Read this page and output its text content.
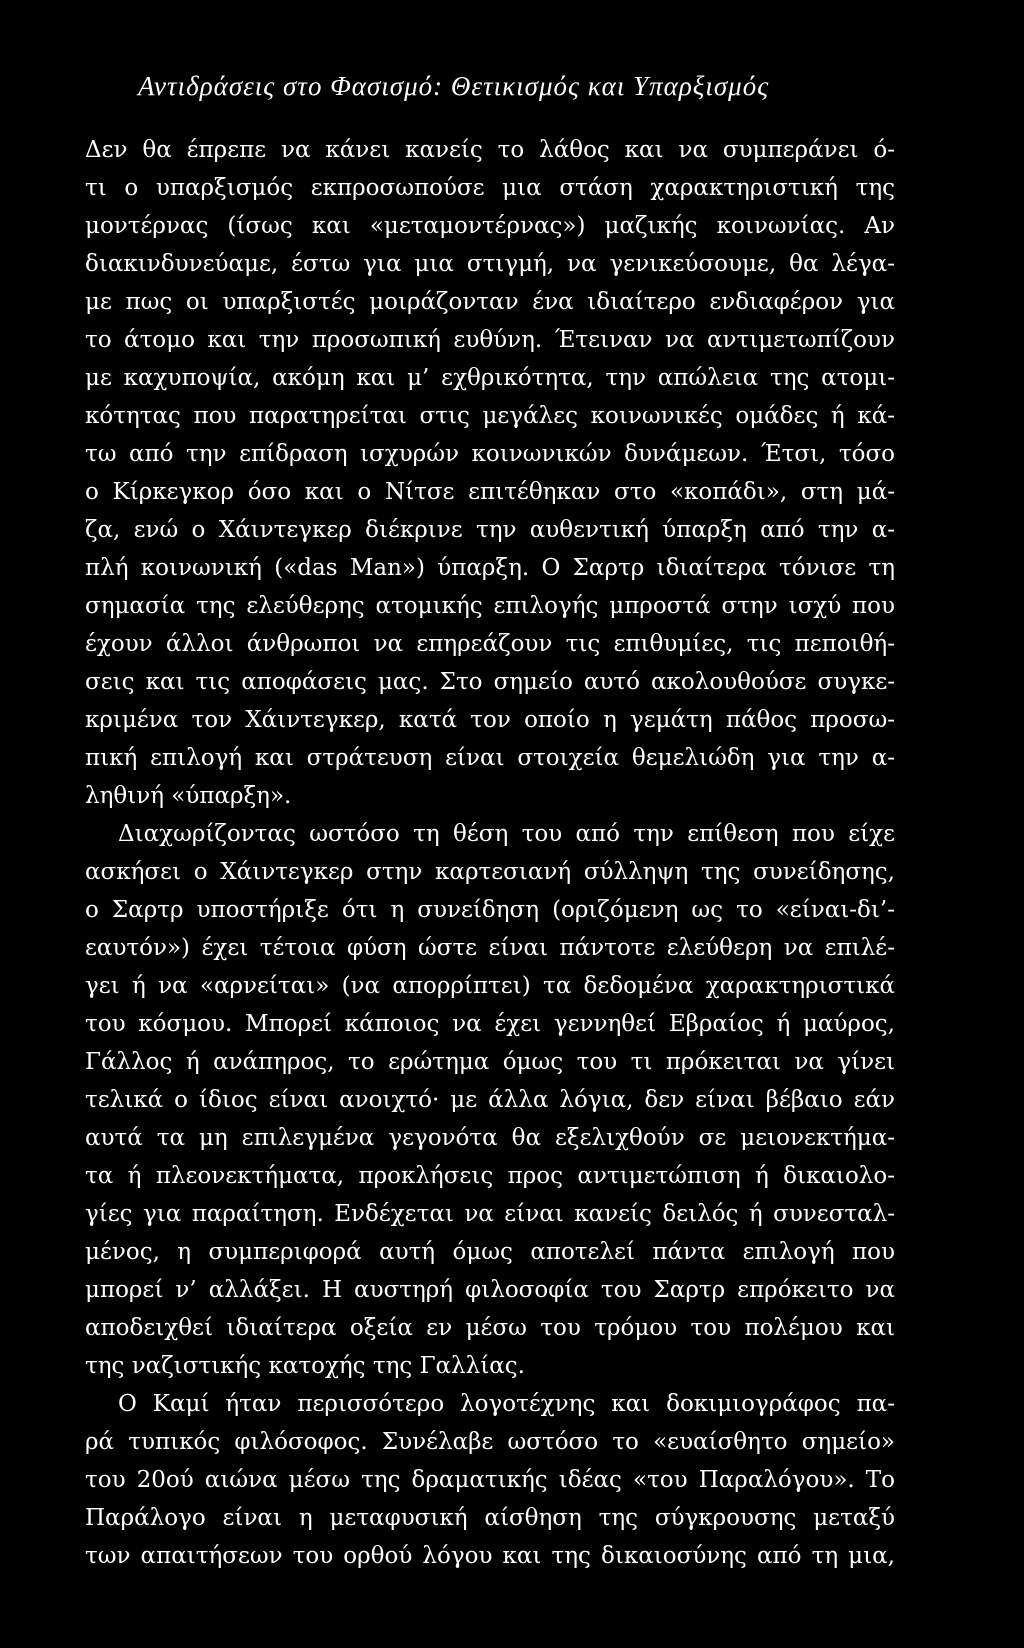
Αντιδράσεις στο Φασισμό: Θετικισμός και Υπαρξισμός
Δεν θα έπρεπε να κάνει κανείς το λάθος και να συμπεράνει ό-
τι ο υπαρξισμός εκπροσωπούσε μια στάση χαρακτηριστική της
μοντέρνας (ίσως και «μεταμοντέρνας») μαζικής κοινωνίας. Αν
διακινδυνεύαμε, έστω για μια στιγμή, να γενικεύσουμε, θα λέγα-
με πως οι υπαρξιστές μοιράζονταν ένα ιδιαίτερο ενδιαφέρον για
το άτομο και την προσωπική ευθύνη. Έτειναν να αντιμετωπίζουν
με καχυποψία, ακόμη και μ’ εχθρικότητα, την απώλεια της ατομι-
κότητας που παρατηρείται στις μεγάλες κοινωνικές ομάδες ή κά-
τω από την επίδραση ισχυρών κοινωνικών δυνάμεων. Έτσι, τόσο
ο Κίρκεγκορ όσο και ο Νίτσε επιτέθηκαν στο «κοπάδι», στη μά-
ζα, ενώ ο Χάιντεγκερ διέκρινε την αυθεντική ύπαρξη από την α-
πλή κοινωνική («das Man») ύπαρξη. Ο Σαρτρ ιδιαίτερα τόνισε τη
σημασία της ελεύθερης ατομικής επιλογής μπροστά στην ισχύ που
έχουν άλλοι άνθρωποι να επηρεάζουν τις επιθυμίες, τις πεποιθή-
σεις και τις αποφάσεις μας. Στο σημείο αυτό ακολουθούσε συγκε-
κριμένα τον Χάιντεγκερ, κατά τον οποίο η γεμάτη πάθος προσω-
πική επιλογή και στράτευση είναι στοιχεία θεμελιώδη για την α-
ληθινή «ύπαρξη».
Διαχωρίζοντας ωστόσο τη θέση του από την επίθεση που είχε
ασκήσει ο Χάιντεγκερ στην καρτεσιανή σύλληψη της συνείδησης,
ο Σαρτρ υποστήριξε ότι η συνείδηση (οριζόμενη ως το «είναι-δι’-
εαυτόν») έχει τέτοια φύση ώστε είναι πάντοτε ελεύθερη να επιλέ-
γει ή να «αρνείται» (να απορρίπτει) τα δεδομένα χαρακτηριστικά
του κόσμου. Μπορεί κάποιος να έχει γεννηθεί Εβραίος ή μαύρος,
Γάλλος ή ανάπηρος, το ερώτημα όμως του τι πρόκειται να γίνει
τελικά ο ίδιος είναι ανοιχτό· με άλλα λόγια, δεν είναι βέβαιο εάν
αυτά τα μη επιλεγμένα γεγονότα θα εξελιχθούν σε μειονεκτήμα-
τα ή πλεονεκτήματα, προκλήσεις προς αντιμετώπιση ή δικαιολο-
γίες για παραίτηση. Ενδέχεται να είναι κανείς δειλός ή συνεσταλ-
μένος, η συμπεριφορά αυτή όμως αποτελεί πάντα επιλογή που
μπορεί ν’ αλλάξει. Η αυστηρή φιλοσοφία του Σαρτρ επρόκειτο να
αποδειχθεί ιδιαίτερα οξεία εν μέσω του τρόμου του πολέμου και
της ναζιστικής κατοχής της Γαλλίας.
Ο Καμί ήταν περισσότερο λογοτέχνης και δοκιμιογράφος πα-
ρά τυπικός φιλόσοφος. Συνέλαβε ωστόσο το «ευαίσθητο σημείο»
του 20ού αιώνα μέσω της δραματικής ιδέας «του Παραλόγου». Το
Παράλογο είναι η μεταφυσική αίσθηση της σύγκρουσης μεταξύ
των απαιτήσεων του ορθού λόγου και της δικαιοσύνης από τη μια,
